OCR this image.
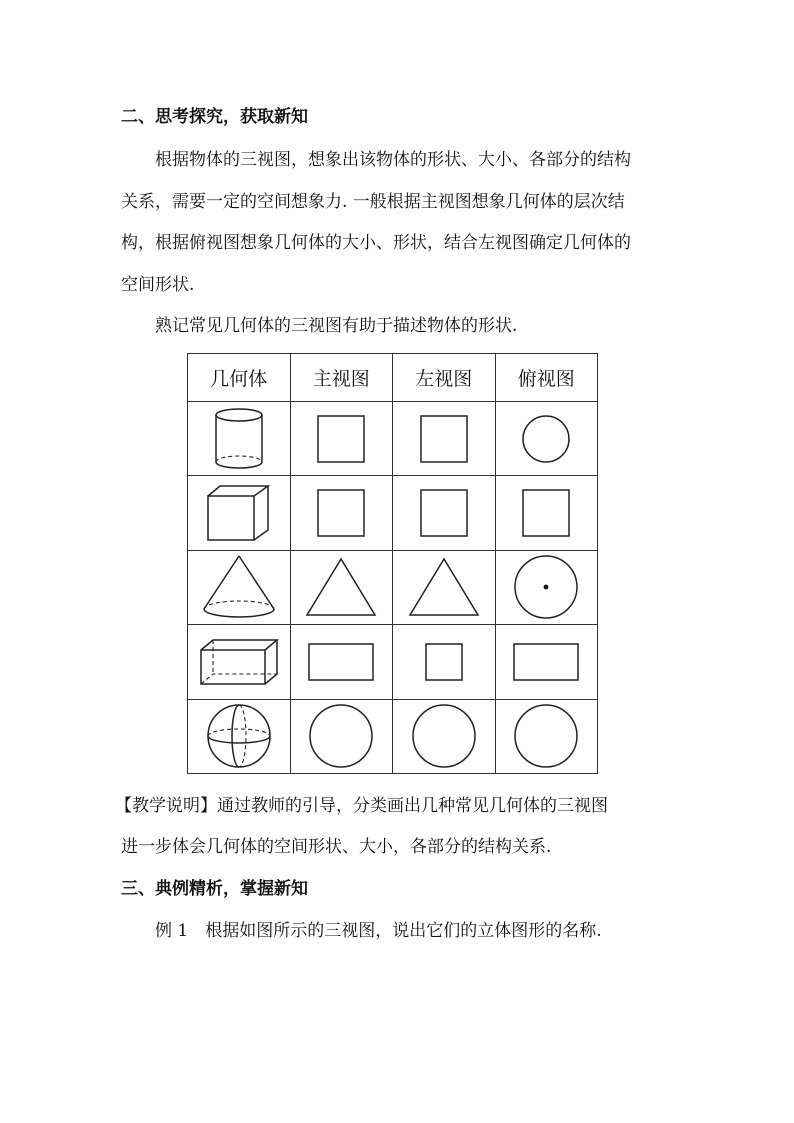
二、思考探究，获取新知
根据物体的三视图，想象出该物体的形状、大小、各部分的结构
关系，需要一定的空间想象力. 一般根据主视图想象几何体的层次结
构，根据俯视图想象几何体的大小、形状，结合左视图确定几何体的
空间形状.
熟记常见几何体的三视图有助于描述物体的形状.
几何体	主视图	左视图	俯视图

【教学说明】通过教师的引导，分类画出几种常见几何体的三视图
进一步体会几何体的空间形状、大小，各部分的结构关系.
三、典例精析，掌握新知
例 1　根据如图所示的三视图，说出它们的立体图形的名称.
